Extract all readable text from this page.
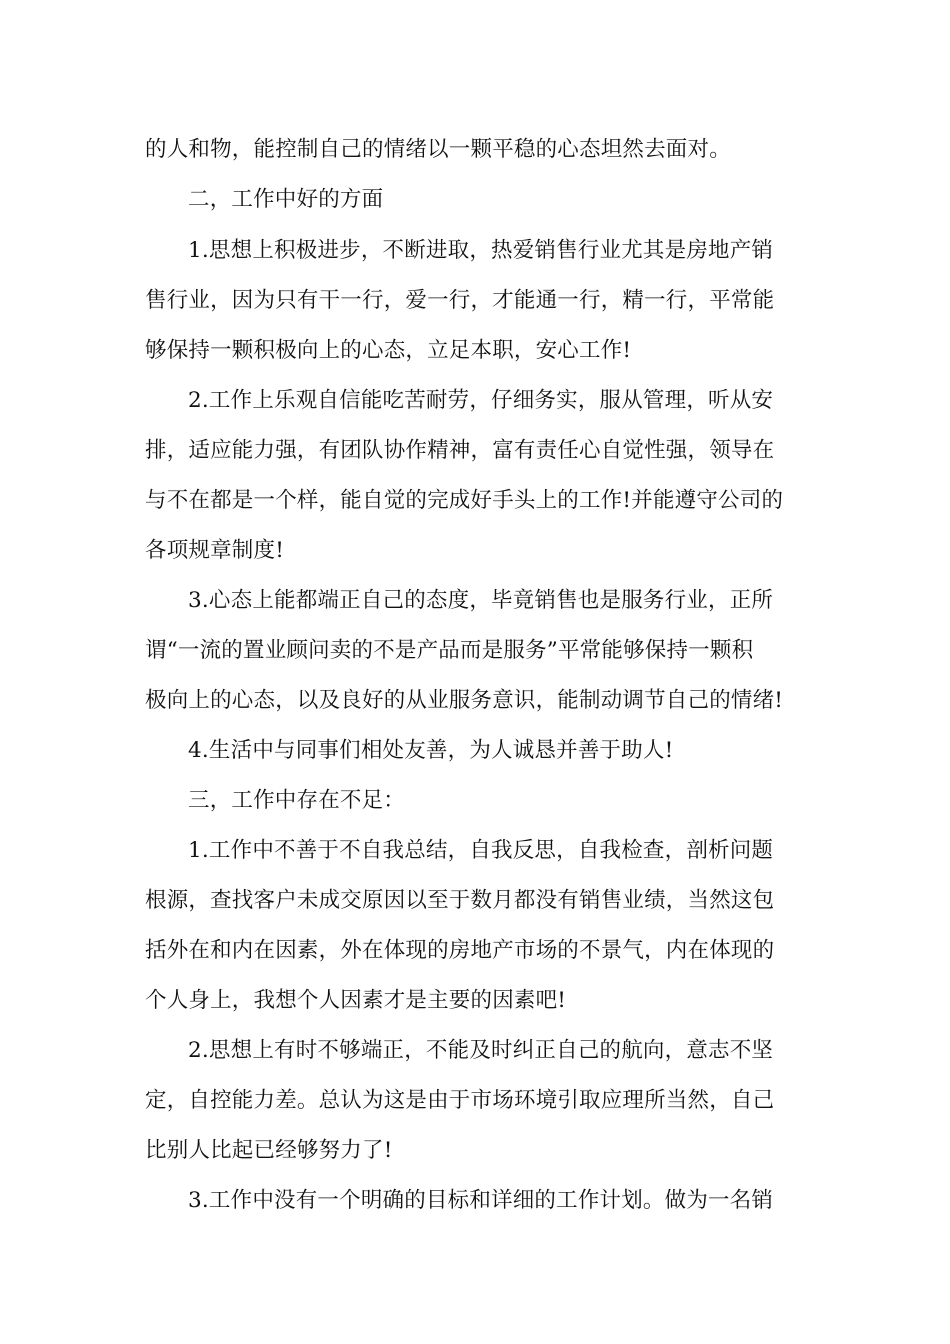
的人和物，能控制自己的情绪以一颗平稳的心态坦然去面对。
二，工作中好的方面
1.思想上积极进步，不断进取，热爱销售行业尤其是房地产销
售行业，因为只有干一行，爱一行，才能通一行，精一行，平常能
够保持一颗积极向上的心态，立足本职，安心工作!
2.工作上乐观自信能吃苦耐劳，仔细务实，服从管理，听从安
排，适应能力强，有团队协作精神，富有责任心自觉性强，领导在
与不在都是一个样，能自觉的完成好手头上的工作!并能遵守公司的
各项规章制度!
3.心态上能都端正自己的态度，毕竟销售也是服务行业，正所
谓“一流的置业顾问卖的不是产品而是服务”平常能够保持一颗积
极向上的心态，以及良好的从业服务意识，能制动调节自己的情绪!
4.生活中与同事们相处友善，为人诚恳并善于助人!
三，工作中存在不足：
1.工作中不善于不自我总结，自我反思，自我检查，剖析问题
根源，查找客户未成交原因以至于数月都没有销售业绩，当然这包
括外在和内在因素，外在体现的房地产市场的不景气，内在体现的
个人身上，我想个人因素才是主要的因素吧!
2.思想上有时不够端正，不能及时纠正自己的航向，意志不坚
定，自控能力差。总认为这是由于市场环境引取应理所当然，自己
比别人比起已经够努力了!
3.工作中没有一个明确的目标和详细的工作计划。做为一名销
